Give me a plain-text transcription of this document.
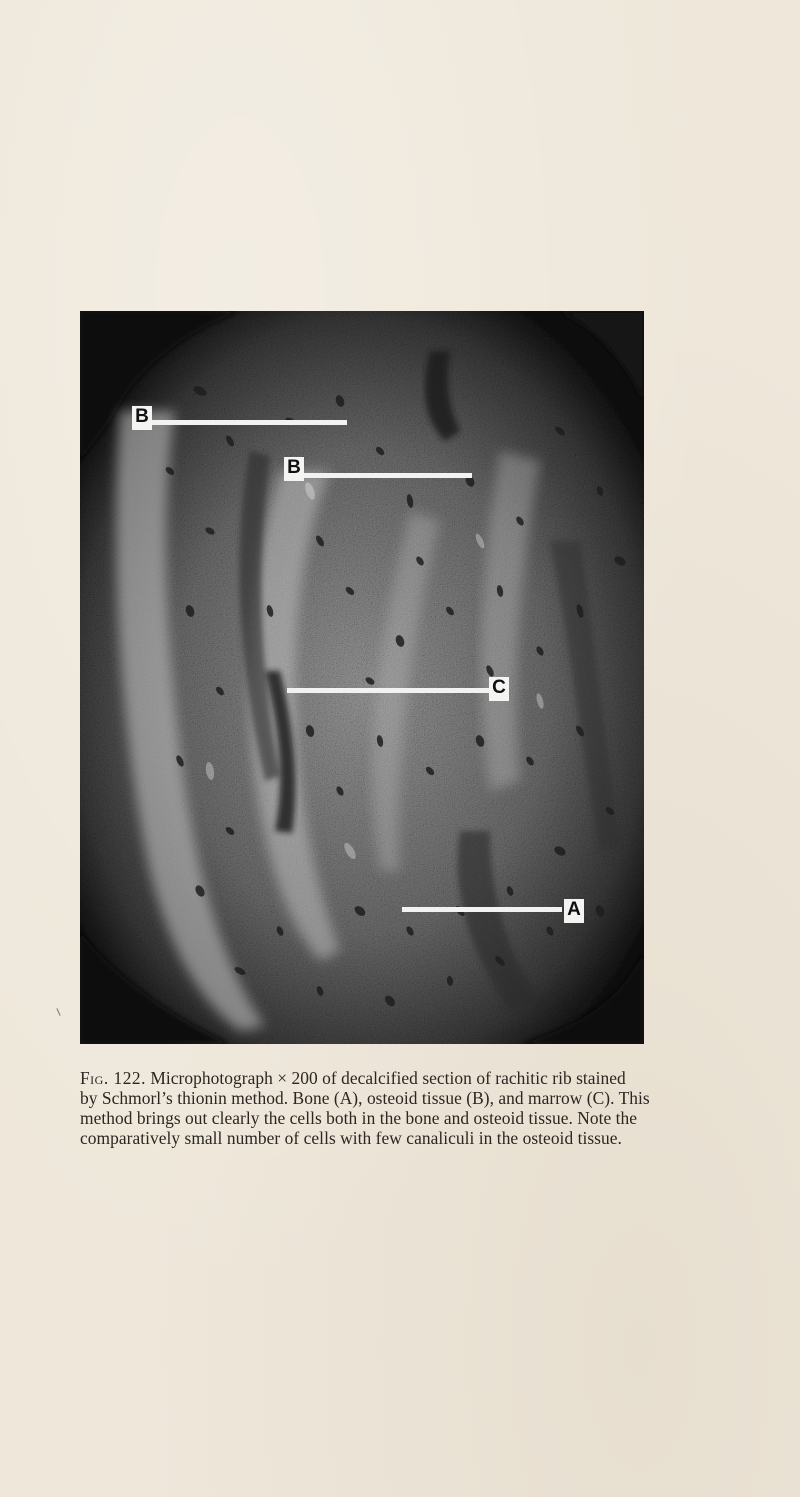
B
B
C
A
Fig. 122. Microphotograph × 200 of decalcified section of rachitic rib stained
by Schmorl’s thionin method. Bone (A), osteoid tissue (B), and marrow (C). This
method brings out clearly the cells both in the bone and osteoid tissue. Note the
comparatively small number of cells with few canaliculi in the osteoid tissue.
